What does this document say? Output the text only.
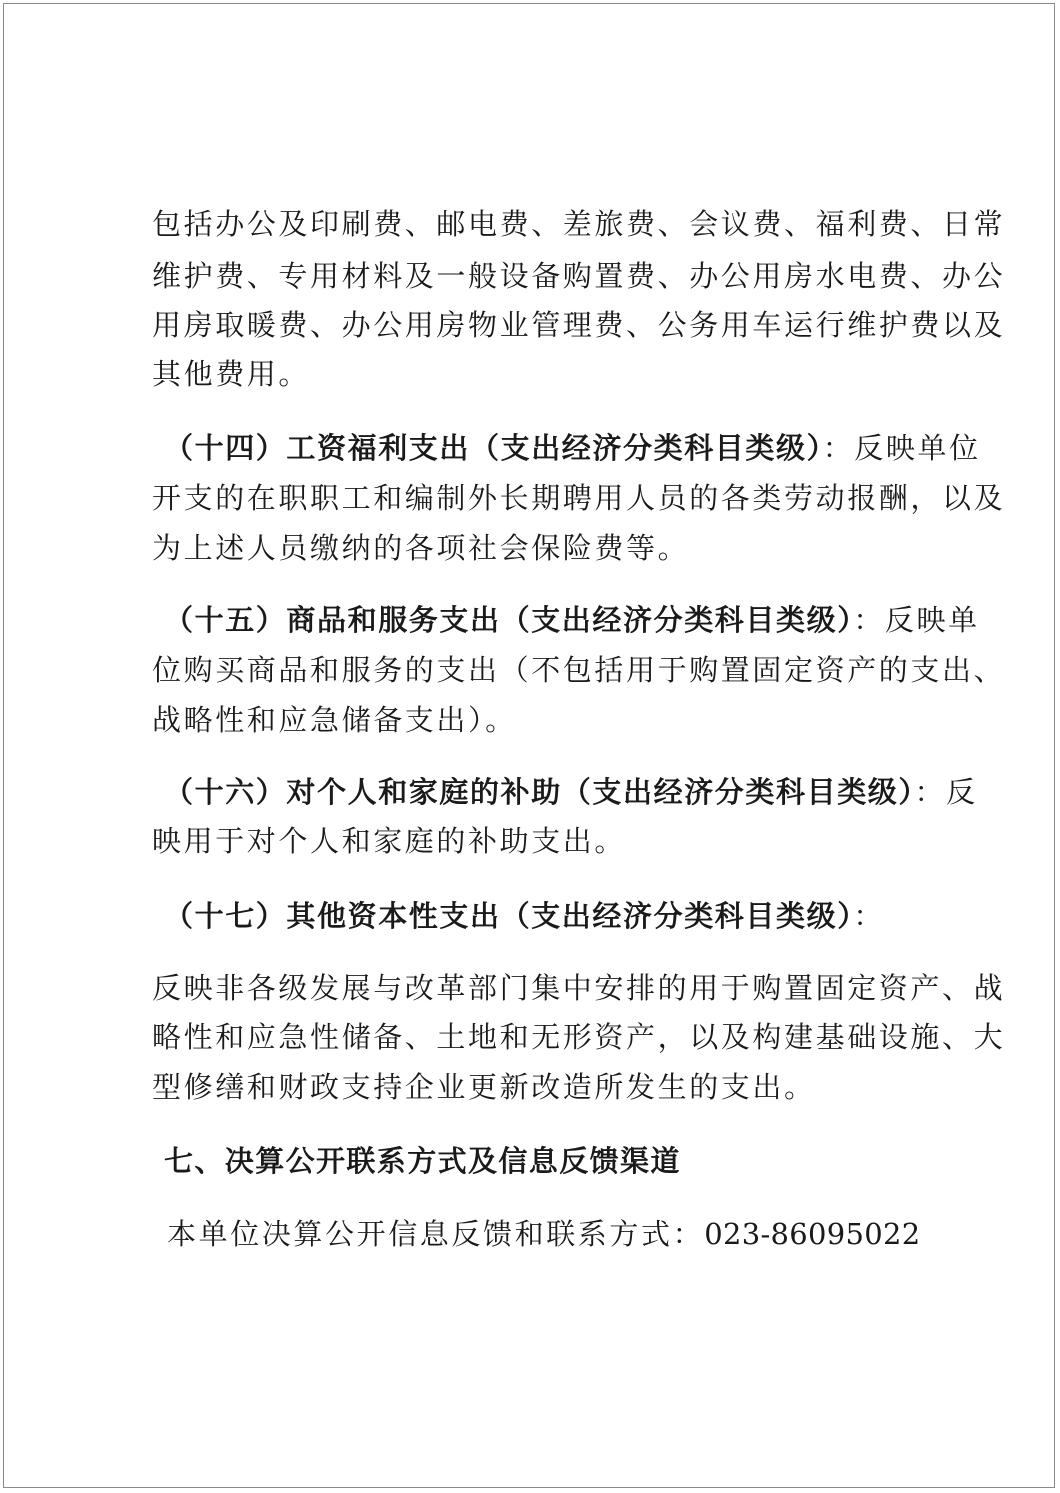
包括办公及印刷费、邮电费、差旅费、会议费、福利费、日常
维护费、专用材料及一般设备购置费、办公用房水电费、办公
用房取暖费、办公用房物业管理费、公务用车运行维护费以及
其他费用。
（十四）工资福利支出（支出经济分类科目类级）：反映单位
开支的在职职工和编制外长期聘用人员的各类劳动报酬，以及
为上述人员缴纳的各项社会保险费等。
（十五）商品和服务支出（支出经济分类科目类级）：反映单
位购买商品和服务的支出（不包括用于购置固定资产的支出、
战略性和应急储备支出）。
（十六）对个人和家庭的补助（支出经济分类科目类级）：反
映用于对个人和家庭的补助支出。
（十七）其他资本性支出（支出经济分类科目类级）：
反映非各级发展与改革部门集中安排的用于购置固定资产、战
略性和应急性储备、土地和无形资产，以及构建基础设施、大
型修缮和财政支持企业更新改造所发生的支出。
七、决算公开联系方式及信息反馈渠道
本单位决算公开信息反馈和联系方式：023-86095022
